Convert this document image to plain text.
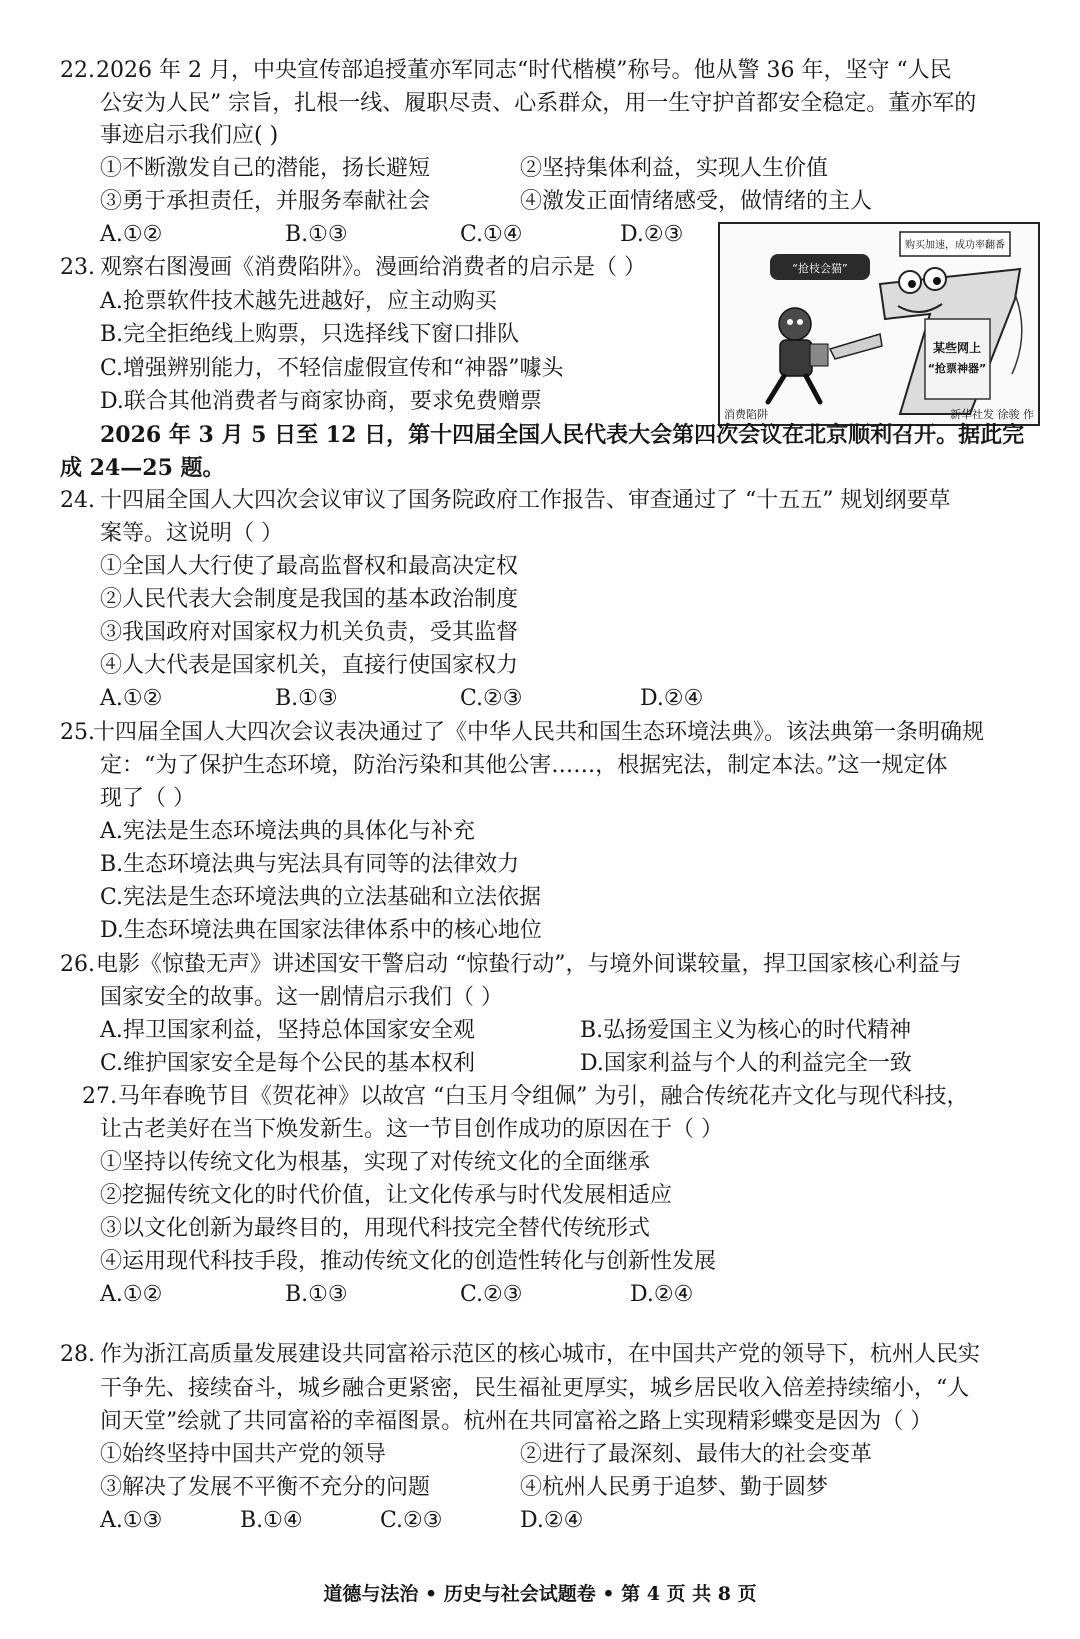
22. 2026 年 2 月，中央宣传部追授董亦军同志“时代楷模”称号。他从警 36 年，坚守 “人民
公安为人民” 宗旨，扎根一线、履职尽责、心系群众，用一生守护首都安全稳定。董亦军的
事迹启示我们应( )
①不断激发自己的潜能，扬长避短	②坚持集体利益，实现人生价值
③勇于承担责任，并服务奉献社会	④激发正面情绪感受，做情绪的主人
A.①②	B.①③	C.①④	D.②③
23. 观察右图漫画《消费陷阱》。漫画给消费者的启示是（ ）
A.抢票软件技术越先进越好，应主动购买
B.完全拒绝线上购票，只选择线下窗口排队
C.增强辨别能力，不轻信虚假宣传和“神器”噱头
D.联合其他消费者与商家协商，要求免费赠票
购买加速，成功率翻番
“抢枝会猫”
某些网上
“抢票神器”
消费陷阱	新华社发 徐骏 作
2026 年 3 月 5 日至 12 日，第十四届全国人民代表大会第四次会议在北京顺利召开。据此完
成 24—25 题。
24. 十四届全国人大四次会议审议了国务院政府工作报告、审查通过了 “十五五” 规划纲要草
案等。这说明（ ）
①全国人大行使了最高监督权和最高决定权
②人民代表大会制度是我国的基本政治制度
③我国政府对国家权力机关负责，受其监督
④人大代表是国家机关，直接行使国家权力
A.①②	B.①③	C.②③	D.②④
25.
十四届全国人大四次会议表决通过了《中华人民共和国生态环境法典》。该法典第一条明确规
定：“为了保护生态环境，防治污染和其他公害……，根据宪法，制定本法。”这一规定体
现了（ ）
A.宪法是生态环境法典的具体化与补充
B.生态环境法典与宪法具有同等的法律效力
C.宪法是生态环境法典的立法基础和立法依据
D.生态环境法典在国家法律体系中的核心地位
26. 电影《惊蛰无声》讲述国安干警启动 “惊蛰行动”，与境外间谍较量，捍卫国家核心利益与
国家安全的故事。这一剧情启示我们（ ）
A.捍卫国家利益，坚持总体国家安全观	B.弘扬爱国主义为核心的时代精神
C.维护国家安全是每个公民的基本权利	D.国家利益与个人的利益完全一致
27. 马年春晚节目《贺花神》以故宫 “白玉月令组佩” 为引，融合传统花卉文化与现代科技，
让古老美好在当下焕发新生。这一节目创作成功的原因在于（ ）
①坚持以传统文化为根基，实现了对传统文化的全面继承
②挖掘传统文化的时代价值，让文化传承与时代发展相适应
③以文化创新为最终目的，用现代科技完全替代传统形式
④运用现代科技手段，推动传统文化的创造性转化与创新性发展
A.①②	B.①③	C.②③	D.②④
28. 作为浙江高质量发展建设共同富裕示范区的核心城市，在中国共产党的领导下，杭州人民实
干争先、接续奋斗，城乡融合更紧密，民生福祉更厚实，城乡居民收入倍差持续缩小，“人
间天堂”绘就了共同富裕的幸福图景。杭州在共同富裕之路上实现精彩蝶变是因为（ ）
①始终坚持中国共产党的领导	②进行了最深刻、最伟大的社会变革
③解决了发展不平衡不充分的问题	④杭州人民勇于追梦、勤于圆梦
A.①③	B.①④	C.②③	D.②④
道德与法治 • 历史与社会试题卷 • 第 4 页 共 8 页
